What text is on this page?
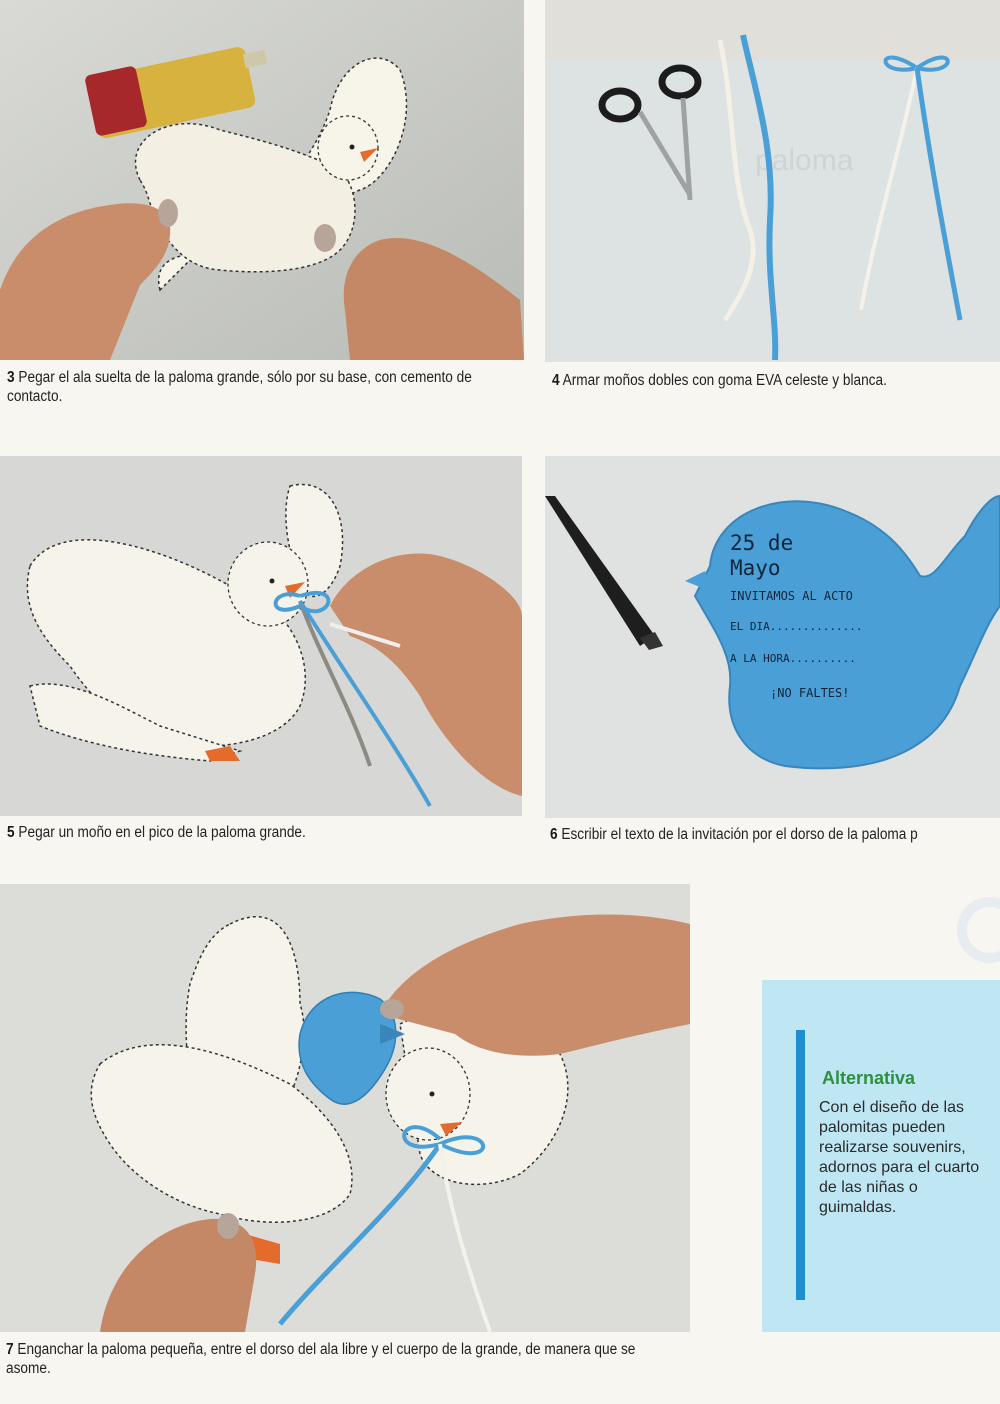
3 Pegar el ala suelta de la paloma grande, sólo por su base, con cemento de contacto.
paloma
4 Armar moños dobles con goma EVA celeste y blanca.
5 Pegar un moño en el pico de la paloma grande.
25 de
Mayo
INVITAMOS AL ACTO
EL DIA..............
A LA HORA..........
¡NO FALTES!
6 Escribir el texto de la invitación por el dorso de la paloma p
7 Enganchar la paloma pequeña, entre el dorso del ala libre y el cuerpo de la grande, de manera que se asome.
Alternativa
Con el diseño de las palomitas pueden realizarse souvenirs, adornos para el cuarto de las niñas o guimaldas.
